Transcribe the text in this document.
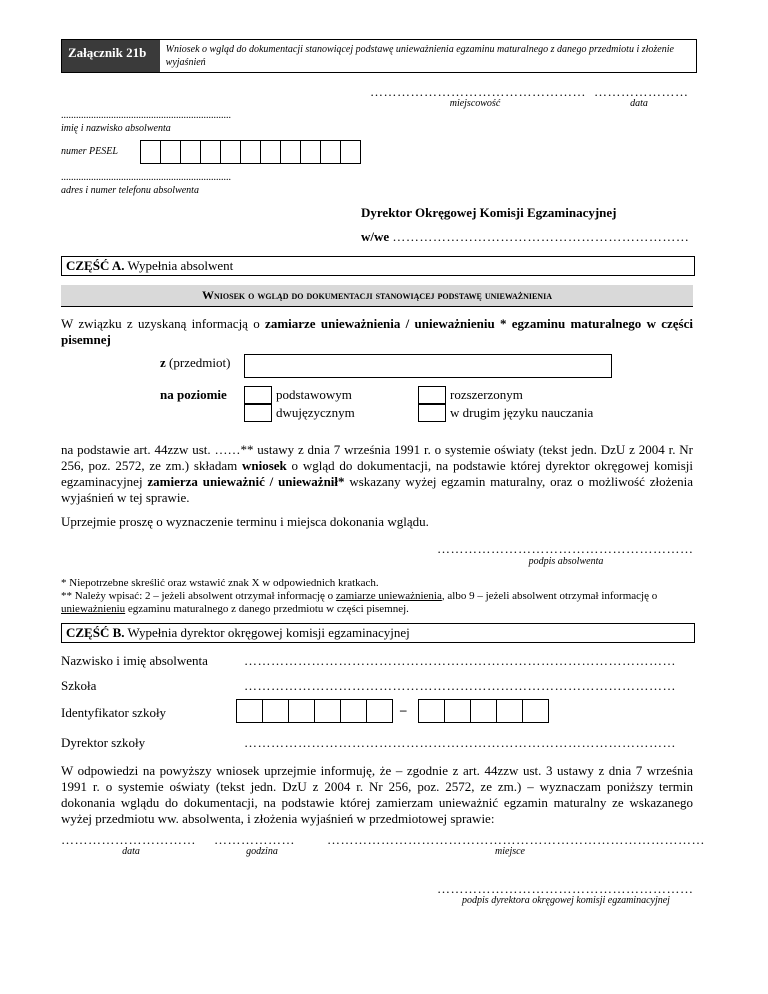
Załącznik 21b	Wniosek o wgląd do dokumentacji stanowiącej podstawę unieważnienia egzaminu maturalnego z danego przedmiotu i złożenie wyjaśnień
…………………………………………
miejscowość
…………………
data
....................................................................
imię i nazwisko absolwenta
numer PESEL
....................................................................
adres i numer telefonu absolwenta
Dyrektor Okręgowej Komisji Egzaminacyjnej
w/we …………………………………………………………
CZĘŚĆ A. Wypełnia absolwent
Wniosek o wgląd do dokumentacji stanowiącej podstawę unieważnienia
W związku z uzyskaną informacją o zamiarze unieważnienia / unieważnieniu * egzaminu maturalnego w części pisemnej
z (przedmiot)
na poziomie	podstawowym	rozszerzonym
dwujęzycznym	w drugim języku nauczania
na podstawie art. 44zzw ust. ……** ustawy z dnia 7 września 1991 r. o systemie oświaty (tekst jedn. DzU z 2004 r. Nr 256, poz. 2572, ze zm.) składam wniosek o wgląd do dokumentacji, na podstawie której dyrektor okręgowej komisji egzaminacyjnej zamierza unieważnić / unieważnił* wskazany wyżej egzamin maturalny, oraz o możliwość złożenia wyjaśnień w tej sprawie.
Uprzejmie proszę o wyznaczenie terminu i miejsca dokonania wglądu.
…………………………………………………
podpis absolwenta
* Niepotrzebne skreślić oraz wstawić znak X w odpowiednich kratkach.
** Należy wpisać: 2 – jeżeli absolwent otrzymał informację o zamiarze unieważnienia, albo 9 – jeżeli absolwent otrzymał informację o unieważnieniu egzaminu maturalnego z danego przedmiotu w części pisemnej.
CZĘŚĆ B. Wypełnia dyrektor okręgowej komisji egzaminacyjnej
Nazwisko i imię absolwenta	……………………………………………………………………………………
Szkoła	……………………………………………………………………………………
Identyfikator szkoły	–
Dyrektor szkoły	……………………………………………………………………………………
W odpowiedzi na powyższy wniosek uprzejmie informuję, że – zgodnie z art. 44zzw ust. 3 ustawy z dnia 7 września 1991 r. o systemie oświaty (tekst jedn. DzU z 2004 r. Nr 256, poz. 2572, ze zm.) – wyznaczam poniższy termin dokonania wglądu do dokumentacji, na podstawie której zamierzam unieważnić egzamin maturalny ze wskazanego wyżej przedmiotu ww. absolwenta, i złożenia wyjaśnień w przedmiotowej sprawie:
…………………………
data
………………
godzina
…………………………………………………………………………
miejsce
…………………………………………………
podpis dyrektora okręgowej komisji egzaminacyjnej
